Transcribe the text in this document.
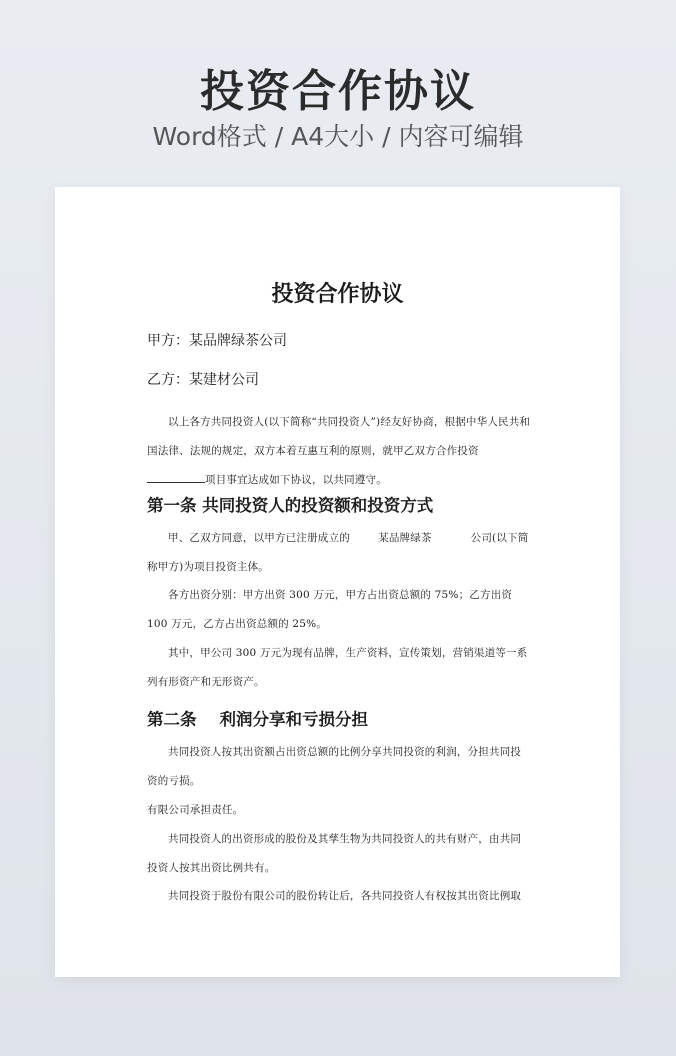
投资合作协议
Word格式 / A4大小 / 内容可编辑
投资合作协议
甲方：某品牌绿茶公司
乙方：某建材公司
以上各方共同投资人(以下简称“共同投资人”)经友好协商，根据中华人民共和国法律、法规的规定，双方本着互惠互利的原则，就甲乙双方合作投资
项目事宜达成如下协议，以共同遵守。
第一条 共同投资人的投资额和投资方式
甲、乙双方同意，以甲方已注册成立的        某品牌绿茶           公司(以下简称甲方)为项目投资主体。
各方出资分别：甲方出资 300 万元，甲方占出资总额的 75%；乙方出资 100 万元，乙方占出资总额的 25%。
其中，甲公司 300 万元为现有品牌，生产资料，宣传策划，营销渠道等一系列有形资产和无形资产。
第二条    利润分享和亏损分担
共同投资人按其出资额占出资总额的比例分享共同投资的利润，分担共同投资的亏损。
有限公司承担责任。
共同投资人的出资形成的股份及其孳生物为共同投资人的共有财产，由共同投资人按其出资比例共有。
共同投资于股份有限公司的股份转让后，各共同投资人有权按其出资比例取
